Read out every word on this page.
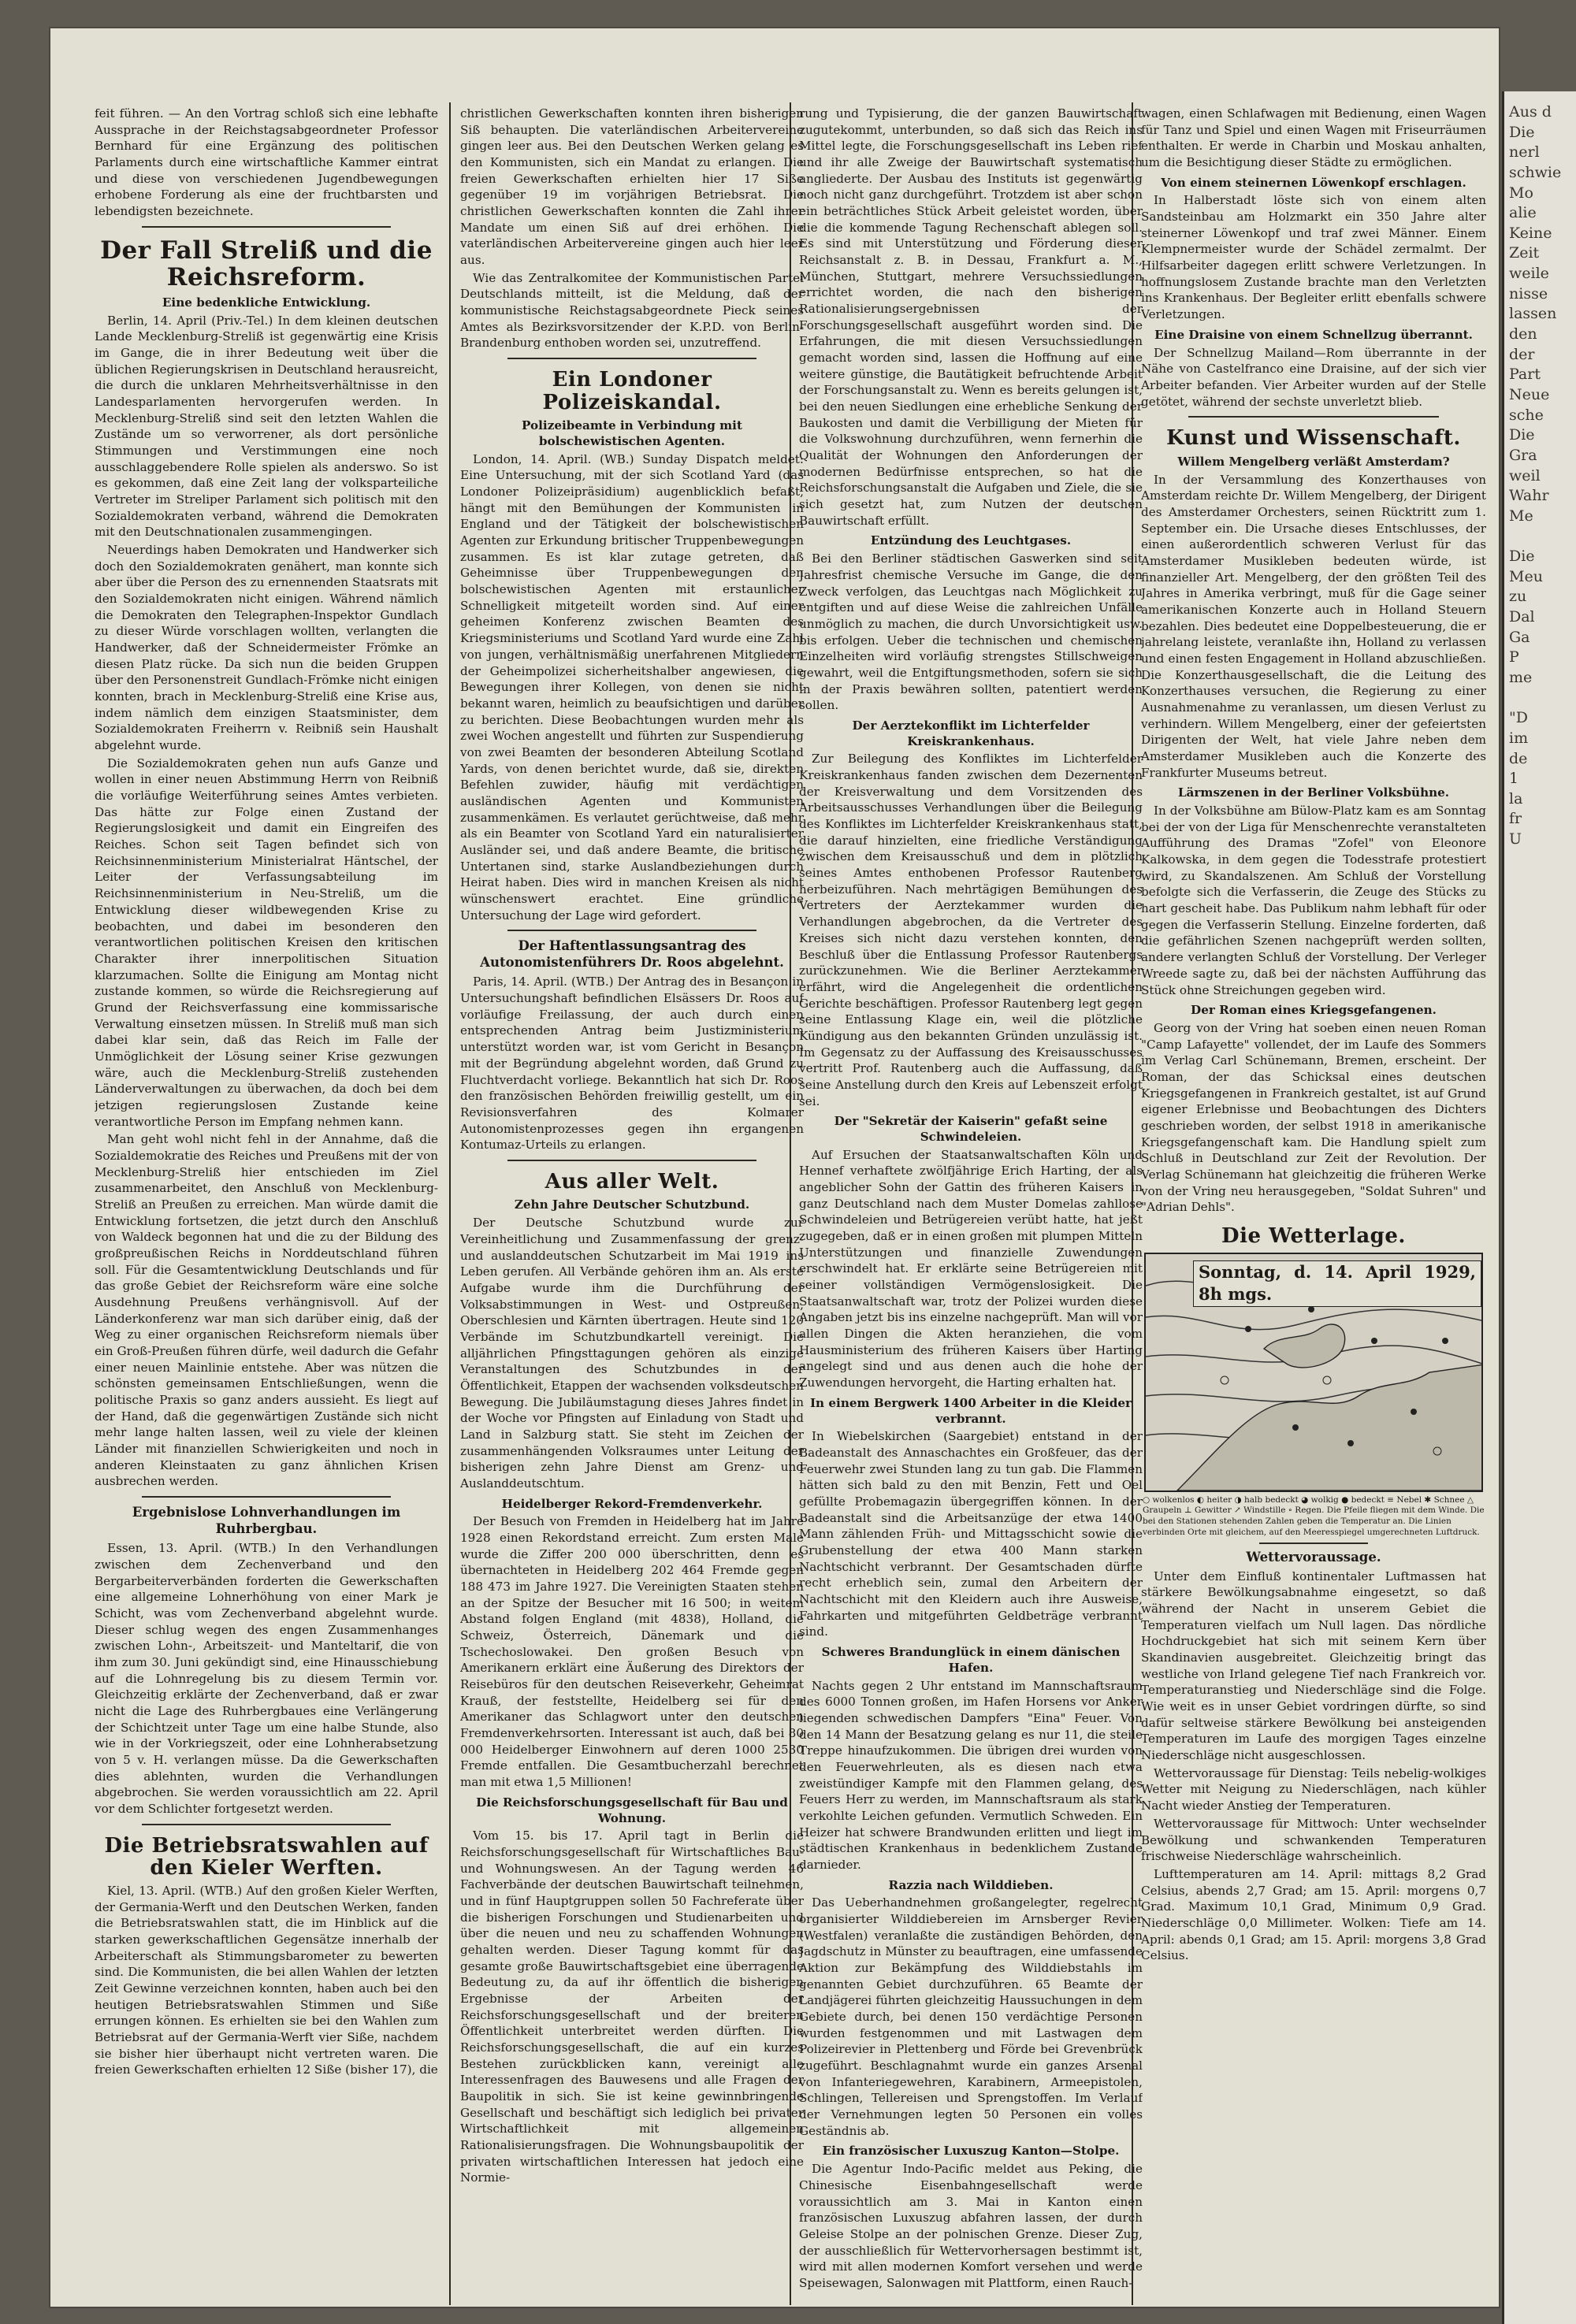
Aus d
Die
nerl
schwie
Mo
alie
Keine
Zeit
weile
nisse
lassen
den
der
Part
Neue
sche
Die
Gra
weil
Wahr
Me

Die
Meu
zu
Dal
Ga
P
me

"D
im
de
1
la
fr
U

feit führen. — An den Vortrag schloß sich eine lebhafte Aussprache in der Reichstagsabgeordneter Professor Bernhard für eine Ergänzung des politischen Parlaments durch eine wirtschaftliche Kammer eintrat und diese von verschiedenen Jugendbewegungen erhobene Forderung als eine der fruchtbarsten und lebendigsten bezeichnete.

Der Fall Streliß und die Reichsreform.
Eine bedenkliche Entwicklung.

Berlin, 14. April (Priv.-Tel.) In dem kleinen deutschen Lande Mecklenburg-Streliß ist gegenwärtig eine Krisis im Gange, die in ihrer Bedeutung weit über die üblichen Regierungskrisen in Deutschland herausreicht, die durch die unklaren Mehrheitsverhältnisse in den Landesparlamenten hervorgerufen werden. In Mecklenburg-Streliß sind seit den letzten Wahlen die Zustände um so verworrener, als dort persönliche Stimmungen und Verstimmungen eine noch ausschlaggebendere Rolle spielen als anderswo. So ist es gekommen, daß eine Zeit lang der volksparteiliche Vertreter im Streliper Parlament sich politisch mit den Sozialdemokraten verband, während die Demokraten mit den Deutschnationalen zusammengingen.

Neuerdings haben Demokraten und Handwerker sich doch den Sozialdemokraten genähert, man konnte sich aber über die Person des zu ernennenden Staatsrats mit den Sozialdemokraten nicht einigen. Während nämlich die Demokraten den Telegraphen-Inspektor Gundlach zu dieser Würde vorschlagen wollten, verlangten die Handwerker, daß der Schneidermeister Frömke an diesen Platz rücke. Da sich nun die beiden Gruppen über den Personenstreit Gundlach-Frömke nicht einigen konnten, brach in Mecklenburg-Streliß eine Krise aus, indem nämlich dem einzigen Staatsminister, dem Sozialdemokraten Freiherrn v. Reibniß sein Haushalt abgelehnt wurde.

Die Sozialdemokraten gehen nun aufs Ganze und wollen in einer neuen Abstimmung Herrn von Reibniß die vorläufige Weiterführung seines Amtes verbieten. Das hätte zur Folge einen Zustand der Regierungslosigkeit und damit ein Eingreifen des Reiches. Schon seit Tagen befindet sich von Reichsinnenministerium Ministerialrat Häntschel, der Leiter der Verfassungsabteilung im Reichsinnenministerium in Neu-Streliß, um die Entwicklung dieser wildbewegenden Krise zu beobachten, und dabei im besonderen den verantwortlichen politischen Kreisen den kritischen Charakter ihrer innerpolitischen Situation klarzumachen. Sollte die Einigung am Montag nicht zustande kommen, so würde die Reichsregierung auf Grund der Reichsverfassung eine kommissarische Verwaltung einsetzen müssen. In Streliß muß man sich dabei klar sein, daß das Reich im Falle der Unmöglichkeit der Lösung seiner Krise gezwungen wäre, auch die Mecklenburg-Streliß zustehenden Länderverwaltungen zu überwachen, da doch bei dem jetzigen regierungslosen Zustande keine verantwortliche Person im Empfang nehmen kann.

Man geht wohl nicht fehl in der Annahme, daß die Sozialdemokratie des Reiches und Preußens mit der von Mecklenburg-Streliß hier entschieden im Ziel zusammenarbeitet, den Anschluß von Mecklenburg-Streliß an Preußen zu erreichen. Man würde damit die Entwicklung fortsetzen, die jetzt durch den Anschluß von Waldeck begonnen hat und die zu der Bildung des großpreußischen Reichs in Norddeutschland führen soll. Für die Gesamtentwicklung Deutschlands und für das große Gebiet der Reichsreform wäre eine solche Ausdehnung Preußens verhängnisvoll. Auf der Länderkonferenz war man sich darüber einig, daß der Weg zu einer organischen Reichsreform niemals über ein Groß-Preußen führen dürfe, weil dadurch die Gefahr einer neuen Mainlinie entstehe. Aber was nützen die schönsten gemeinsamen Entschließungen, wenn die politische Praxis so ganz anders aussieht. Es liegt auf der Hand, daß die gegenwärtigen Zustände sich nicht mehr lange halten lassen, weil zu viele der kleinen Länder mit finanziellen Schwierigkeiten und noch in anderen Kleinstaaten zu ganz ähnlichen Krisen ausbrechen werden.

Ergebnislose Lohnverhandlungen im Ruhrbergbau.

Essen, 13. April. (WTB.) In den Verhandlungen zwischen dem Zechenverband und den Bergarbeiterverbänden forderten die Gewerkschaften eine allgemeine Lohnerhöhung von einer Mark je Schicht, was vom Zechenverband abgelehnt wurde. Dieser schlug wegen des engen Zusammenhanges zwischen Lohn-, Arbeitszeit- und Manteltarif, die von ihm zum 30. Juni gekündigt sind, eine Hinausschiebung auf die Lohnregelung bis zu diesem Termin vor. Gleichzeitig erklärte der Zechenverband, daß er zwar nicht die Lage des Ruhrbergbaues eine Verlängerung der Schichtzeit unter Tage um eine halbe Stunde, also wie in der Vorkriegszeit, oder eine Lohnherabsetzung von 5 v. H. verlangen müsse. Da die Gewerkschaften dies ablehnten, wurden die Verhandlungen abgebrochen. Sie werden voraussichtlich am 22. April vor dem Schlichter fortgesetzt werden.

Die Betriebsratswahlen auf den Kieler Werften.

Kiel, 13. April. (WTB.) Auf den großen Kieler Werften, der Germania-Werft und den Deutschen Werken, fanden die Betriebsratswahlen statt, die im Hinblick auf die starken gewerkschaftlichen Gegensätze innerhalb der Arbeiterschaft als Stimmungsbarometer zu bewerten sind. Die Kommunisten, die bei allen Wahlen der letzten Zeit Gewinne verzeichnen konnten, haben auch bei den heutigen Betriebsratswahlen Stimmen und Siße errungen können. Es erhielten sie bei den Wahlen zum Betriebsrat auf der Germania-Werft vier Siße, nachdem sie bisher hier überhaupt nicht vertreten waren. Die freien Gewerkschaften erhielten 12 Siße (bisher 17), die

christlichen Gewerkschaften konnten ihren bisherigen Siß behaupten. Die vaterländischen Arbeitervereine gingen leer aus. Bei den Deutschen Werken gelang es den Kommunisten, sich ein Mandat zu erlangen. Die freien Gewerkschaften erhielten hier 17 Siße gegenüber 19 im vorjährigen Betriebsrat. Die christlichen Gewerkschaften konnten die Zahl ihrer Mandate um einen Siß auf drei erhöhen. Die vaterländischen Arbeitervereine gingen auch hier leer aus.

Wie das Zentralkomitee der Kommunistischen Partei Deutschlands mitteilt, ist die Meldung, daß der kommunistische Reichstagsabgeordnete Pieck seines Amtes als Bezirksvorsitzender der K.P.D. von Berlin-Brandenburg enthoben worden sei, unzutreffend.

Ein Londoner Polizeiskandal.
Polizeibeamte in Verbindung mit bolschewistischen Agenten.

London, 14. April. (WB.) Sunday Dispatch meldet: Eine Untersuchung, mit der sich Scotland Yard (das Londoner Polizeipräsidium) augenblicklich befaßt, hängt mit den Bemühungen der Kommunisten in England und der Tätigkeit der bolschewistischen Agenten zur Erkundung britischer Truppenbewegungen zusammen. Es ist klar zutage getreten, daß Geheimnisse über Truppenbewegungen den bolschewistischen Agenten mit erstaunlicher Schnelligkeit mitgeteilt worden sind. Auf einer geheimen Konferenz zwischen Beamten des Kriegsministeriums und Scotland Yard wurde eine Zahl von jungen, verhältnismäßig unerfahrenen Mitgliedern der Geheimpolizei sicherheitshalber angewiesen, die Bewegungen ihrer Kollegen, von denen sie nicht bekannt waren, heimlich zu beaufsichtigen und darüber zu berichten. Diese Beobachtungen wurden mehr als zwei Wochen angestellt und führten zur Suspendierung von zwei Beamten der besonderen Abteilung Scotland Yards, von denen berichtet wurde, daß sie, direkten Befehlen zuwider, häufig mit verdächtigen ausländischen Agenten und Kommunisten zusammenkämen. Es verlautet gerüchtweise, daß mehr als ein Beamter von Scotland Yard ein naturalisierter Ausländer sei, und daß andere Beamte, die britische Untertanen sind, starke Auslandbeziehungen durch Heirat haben. Dies wird in manchen Kreisen als nicht wünschenswert erachtet. Eine gründliche Untersuchung der Lage wird gefordert.

Der Haftentlassungsantrag des Autonomistenführers Dr. Roos abgelehnt.

Paris, 14. April. (WTB.) Der Antrag des in Besançon in Untersuchungshaft befindlichen Elsässers Dr. Roos auf vorläufige Freilassung, der auch durch einen entsprechenden Antrag beim Justizministerium unterstützt worden war, ist vom Gericht in Besançon mit der Begründung abgelehnt worden, daß Grund zu Fluchtverdacht vorliege. Bekanntlich hat sich Dr. Roos den französischen Behörden freiwillig gestellt, um ein Revisionsverfahren des Kolmarer Autonomistenprozesses gegen ihn ergangenen Kontumaz-Urteils zu erlangen.

Aus aller Welt.
Zehn Jahre Deutscher Schutzbund.

Der Deutsche Schutzbund wurde zur Vereinheitlichung und Zusammenfassung der grenz- und auslanddeutschen Schutzarbeit im Mai 1919 ins Leben gerufen. All Verbände gehören ihm an. Als erste Aufgabe wurde ihm die Durchführung der Volksabstimmungen in West- und Ostpreußen, Oberschlesien und Kärnten übertragen. Heute sind 120 Verbände im Schutzbundkartell vereinigt. Die alljährlichen Pfingsttagungen gehören als einzige Veranstaltungen des Schutzbundes in der Öffentlichkeit, Etappen der wachsenden volksdeutschen Bewegung. Die Jubiläumstagung dieses Jahres findet in der Woche vor Pfingsten auf Einladung von Stadt und Land in Salzburg statt. Sie steht im Zeichen der zusammenhängenden Volksraumes unter Leitung der bisherigen zehn Jahre Dienst am Grenz- und Auslanddeutschtum.

Heidelberger Rekord-Fremdenverkehr.

Der Besuch von Fremden in Heidelberg hat im Jahre 1928 einen Rekordstand erreicht. Zum ersten Male wurde die Ziffer 200 000 überschritten, denn es übernachteten in Heidelberg 202 464 Fremde gegen 188 473 im Jahre 1927. Die Vereinigten Staaten stehen an der Spitze der Besucher mit 16 500; in weitem Abstand folgen England (mit 4838), Holland, die Schweiz, Österreich, Dänemark und die Tschechoslowakei. Den großen Besuch von Amerikanern erklärt eine Äußerung des Direktors der Reisebüros für den deutschen Reiseverkehr, Geheimrat Krauß, der feststellte, Heidelberg sei für den Amerikaner das Schlagwort unter den deutschen Fremdenverkehrsorten. Interessant ist auch, daß bei 80 000 Heidelberger Einwohnern auf deren 1000 2530 Fremde entfallen. Die Gesamtbucherzahl berechnet man mit etwa 1,5 Millionen!

Die Reichsforschungsgesellschaft für Bau und Wohnung.

Vom 15. bis 17. April tagt in Berlin die Reichsforschungsgesellschaft für Wirtschaftliches Bau- und Wohnungswesen. An der Tagung werden 46 Fachverbände der deutschen Bauwirtschaft teilnehmen, und in fünf Hauptgruppen sollen 50 Fachreferate über die bisherigen Forschungen und Studienarbeiten und über die neuen und neu zu schaffenden Wohnungen gehalten werden. Dieser Tagung kommt für das gesamte große Bauwirtschaftsgebiet eine überragende Bedeutung zu, da auf ihr öffentlich die bisherigen Ergebnisse der Arbeiten der Reichsforschungsgesellschaft und der breiteren Öffentlichkeit unterbreitet werden dürften. Die Reichsforschungsgesellschaft, die auf ein kurzes Bestehen zurückblicken kann, vereinigt alle Interessenfragen des Bauwesens und alle Fragen der Baupolitik in sich. Sie ist keine gewinnbringende Gesellschaft und beschäftigt sich lediglich bei privater Wirtschaftlichkeit mit allgemeinen Rationalisierungsfragen. Die Wohnungsbaupolitik der privaten wirtschaftlichen Interessen hat jedoch eine Normie-

rung und Typisierung, die der ganzen Bauwirtschaft zugutekommt, unterbunden, so daß sich das Reich ins Mittel legte, die Forschungsgesellschaft ins Leben rief und ihr alle Zweige der Bauwirtschaft systematisch angliederte. Der Ausbau des Instituts ist gegenwärtig noch nicht ganz durchgeführt. Trotzdem ist aber schon ein beträchtliches Stück Arbeit geleistet worden, über die die kommende Tagung Rechenschaft ablegen soll. Es sind mit Unterstützung und Förderung dieser Reichsanstalt z. B. in Dessau, Frankfurt a. M., München, Stuttgart, mehrere Versuchssiedlungen errichtet worden, die nach den bisherigen Rationalisierungsergebnissen der Forschungsgesellschaft ausgeführt worden sind. Die Erfahrungen, die mit diesen Versuchssiedlungen gemacht worden sind, lassen die Hoffnung auf eine weitere günstige, die Bautätigkeit befruchtende Arbeit der Forschungsanstalt zu. Wenn es bereits gelungen ist, bei den neuen Siedlungen eine erhebliche Senkung der Baukosten und damit die Verbilligung der Mieten für die Volkswohnung durchzuführen, wenn fernerhin die Qualität der Wohnungen den Anforderungen der modernen Bedürfnisse entsprechen, so hat die Reichsforschungsanstalt die Aufgaben und Ziele, die sie sich gesetzt hat, zum Nutzen der deutschen Bauwirtschaft erfüllt.

Entzündung des Leuchtgases.

Bei den Berliner städtischen Gaswerken sind seit Jahresfrist chemische Versuche im Gange, die den Zweck verfolgen, das Leuchtgas nach Möglichkeit zu entgiften und auf diese Weise die zahlreichen Unfälle unmöglich zu machen, die durch Unvorsichtigkeit usw. bis erfolgen. Ueber die technischen und chemischen Einzelheiten wird vorläufig strengstes Stillschweigen gewahrt, weil die Entgiftungsmethoden, sofern sie sich in der Praxis bewähren sollten, patentiert werden sollen.

Der Aerztekonflikt im Lichterfelder Kreiskrankenhaus.

Zur Beilegung des Konfliktes im Lichterfelder Kreiskrankenhaus fanden zwischen dem Dezernenten der Kreisverwaltung und dem Vorsitzenden des Arbeitsausschusses Verhandlungen über die Beilegung des Konfliktes im Lichterfelder Kreiskrankenhaus statt, die darauf hinzielten, eine friedliche Verständigung zwischen dem Kreisausschuß und dem in plötzlich seines Amtes enthobenen Professor Rautenberg herbeizuführen. Nach mehrtägigen Bemühungen des Vertreters der Aerztekammer wurden die Verhandlungen abgebrochen, da die Vertreter des Kreises sich nicht dazu verstehen konnten, den Beschluß über die Entlassung Professor Rautenbergs zurückzunehmen. Wie die Berliner Aerztekammer erfährt, wird die Angelegenheit die ordentlichen Gerichte beschäftigen. Professor Rautenberg legt gegen seine Entlassung Klage ein, weil die plötzliche Kündigung aus den bekannten Gründen unzulässig ist. Im Gegensatz zu der Auffassung des Kreisausschusses vertritt Prof. Rautenberg auch die Auffassung, daß seine Anstellung durch den Kreis auf Lebenszeit erfolgt sei.

Der "Sekretär der Kaiserin" gefaßt seine Schwindeleien.

Auf Ersuchen der Staatsanwaltschaften Köln und Hennef verhaftete zwölfjährige Erich Harting, der als angeblicher Sohn der Gattin des früheren Kaisers in ganz Deutschland nach dem Muster Domelas zahllose Schwindeleien und Betrügereien verübt hatte, hat jeßt zugegeben, daß er in einen großen mit plumpen Mitteln Unterstützungen und finanzielle Zuwendungen erschwindelt hat. Er erklärte seine Betrügereien mit seiner vollständigen Vermögenslosigkeit. Die Staatsanwaltschaft war, trotz der Polizei wurden diese Angaben jetzt bis ins einzelne nachgeprüft. Man will vor allen Dingen die Akten heranziehen, die vom Hausministerium des früheren Kaisers über Harting angelegt sind und aus denen auch die hohe der Zuwendungen hervorgeht, die Harting erhalten hat.

In einem Bergwerk 1400 Arbeiter in die Kleider verbrannt.

In Wiebelskirchen (Saargebiet) entstand in der Badeanstalt des Annaschachtes ein Großfeuer, das der Feuerwehr zwei Stunden lang zu tun gab. Die Flammen hätten sich bald zu den mit Benzin, Fett und Oel gefüllte Probemagazin übergegriffen können. In der Badeanstalt sind die Arbeitsanzüge der etwa 1400 Mann zählenden Früh- und Mittagsschicht sowie die Grubenstellung der etwa 400 Mann starken Nachtschicht verbrannt. Der Gesamtschaden dürfte recht erheblich sein, zumal den Arbeitern der Nachtschicht mit den Kleidern auch ihre Ausweise, Fahrkarten und mitgeführten Geldbeträge verbrannt sind.

Schweres Brandunglück in einem dänischen Hafen.

Nachts gegen 2 Uhr entstand im Mannschaftsraum des 6000 Tonnen großen, im Hafen Horsens vor Anker liegenden schwedischen Dampfers "Eina" Feuer. Von den 14 Mann der Besatzung gelang es nur 11, die steile Treppe hinaufzukommen. Die übrigen drei wurden von den Feuerwehrleuten, als es diesen nach etwa zweistündiger Kampfe mit den Flammen gelang, des Feuers Herr zu werden, im Mannschaftsraum als stark verkohlte Leichen gefunden. Vermutlich Schweden. Ein Heizer hat schwere Brandwunden erlitten und liegt im städtischen Krankenhaus in bedenklichem Zustande darnieder.

Razzia nach Wilddieben.

Das Ueberhandnehmen großangelegter, regelrecht organisierter Wilddiebereien im Arnsberger Revier (Westfalen) veranlaßte die zuständigen Behörden, den Jagdschutz in Münster zu beauftragen, eine umfassende Aktion zur Bekämpfung des Wilddiebstahls im genannten Gebiet durchzuführen. 65 Beamte der Landjägerei führten gleichzeitig Haussuchungen in dem Gebiete durch, bei denen 150 verdächtige Personen wurden festgenommen und mit Lastwagen dem Polizeirevier in Plettenberg und Förde bei Grevenbrück zugeführt. Beschlagnahmt wurde ein ganzes Arsenal von Infanteriegewehren, Karabinern, Armeepistolen, Schlingen, Tellereisen und Sprengstoffen. Im Verlauf der Vernehmungen legten 50 Personen ein volles Geständnis ab.

Ein französischer Luxuszug Kanton—Stolpe.

Die Agentur Indo-Pacific meldet aus Peking, die Chinesische Eisenbahngesellschaft werde voraussichtlich am 3. Mai in Kanton einen französischen Luxuszug abfahren lassen, der durch Geleise Stolpe an der polnischen Grenze. Dieser Zug, der ausschließlich für Wettervorhersagen bestimmt ist, wird mit allen modernen Komfort versehen und werde Speisewagen, Salonwagen mit Plattform, einen Rauch-

wagen, einen Schlafwagen mit Bedienung, einen Wagen für Tanz und Spiel und einen Wagen mit Friseurräumen enthalten. Er werde in Charbin und Moskau anhalten, um die Besichtigung dieser Städte zu ermöglichen.

Von einem steinernen Löwenkopf erschlagen.

In Halberstadt löste sich von einem alten Sandsteinbau am Holzmarkt ein 350 Jahre alter steinerner Löwenkopf und traf zwei Männer. Einem Klempnermeister wurde der Schädel zermalmt. Der Hilfsarbeiter dagegen erlitt schwere Verletzungen. In hoffnungslosem Zustande brachte man den Verletzten ins Krankenhaus. Der Begleiter erlitt ebenfalls schwere Verletzungen.

Eine Draisine von einem Schnellzug überrannt.

Der Schnellzug Mailand—Rom überrannte in der Nähe von Castelfranco eine Draisine, auf der sich vier Arbeiter befanden. Vier Arbeiter wurden auf der Stelle getötet, während der sechste unverletzt blieb.

Kunst und Wissenschaft.
Willem Mengelberg verläßt Amsterdam?

In der Versammlung des Konzerthauses von Amsterdam reichte Dr. Willem Mengelberg, der Dirigent des Amsterdamer Orchesters, seinen Rücktritt zum 1. September ein. Die Ursache dieses Entschlusses, der einen außerordentlich schweren Verlust für das Amsterdamer Musikleben bedeuten würde, ist finanzieller Art. Mengelberg, der den größten Teil des Jahres in Amerika verbringt, muß für die Gage seiner amerikanischen Konzerte auch in Holland Steuern bezahlen. Dies bedeutet eine Doppelbesteuerung, die er jahrelang leistete, veranlaßte ihn, Holland zu verlassen und einen festen Engagement in Holland abzuschließen. Die Konzerthausgesellschaft, die die Leitung des Konzerthauses versuchen, die Regierung zu einer Ausnahmenahme zu veranlassen, um diesen Verlust zu verhindern. Willem Mengelberg, einer der gefeiertsten Dirigenten der Welt, hat viele Jahre neben dem Amsterdamer Musikleben auch die Konzerte des Frankfurter Museums betreut.

Lärmszenen in der Berliner Volksbühne.

In der Volksbühne am Bülow-Platz kam es am Sonntag bei der von der Liga für Menschenrechte veranstalteten Aufführung des Dramas "Zofel" von Eleonore Kalkowska, in dem gegen die Todesstrafe protestiert wird, zu Skandalszenen. Am Schluß der Vorstellung befolgte sich die Verfasserin, die Zeuge des Stücks zu hart gescheit habe. Das Publikum nahm lebhaft für oder gegen die Verfasserin Stellung. Einzelne forderten, daß die gefährlichen Szenen nachgeprüft werden sollten, andere verlangten Schluß der Vorstellung. Der Verleger Wreede sagte zu, daß bei der nächsten Aufführung das Stück ohne Streichungen gegeben wird.

Der Roman eines Kriegsgefangenen.

Georg von der Vring hat soeben einen neuen Roman "Camp Lafayette" vollendet, der im Laufe des Sommers im Verlag Carl Schünemann, Bremen, erscheint. Der Roman, der das Schicksal eines deutschen Kriegsgefangenen in Frankreich gestaltet, ist auf Grund eigener Erlebnisse und Beobachtungen des Dichters geschrieben worden, der selbst 1918 in amerikanische Kriegsgefangenschaft kam. Die Handlung spielt zum Schluß in Deutschland zur Zeit der Revolution. Der Verlag Schünemann hat gleichzeitig die früheren Werke von der Vring neu herausgegeben, "Soldat Suhren" und "Adrian Dehls".

Die Wetterlage.
Sonntag, d. 14. April 1929, 8h mgs.
○ wolkenlos ◐ heiter ◑ halb bedeckt ◕ wolkig ● bedeckt ≡ Nebel ✱ Schnee △ Graupeln ⊥ Gewitter ↗ Windstille ∘ Regen. Die Pfeile fliegen mit dem Winde. Die bei den Stationen stehenden Zahlen geben die Temperatur an. Die Linien verbinden Orte mit gleichem, auf den Meeresspiegel umgerechneten Luftdruck.
Wettervoraussage.

Unter dem Einfluß kontinentaler Luftmassen hat stärkere Bewölkungsabnahme eingesetzt, so daß während der Nacht in unserem Gebiet die Temperaturen vielfach um Null lagen. Das nördliche Hochdruckgebiet hat sich mit seinem Kern über Skandinavien ausgebreitet. Gleichzeitig bringt das westliche von Irland gelegene Tief nach Frankreich vor. Temperaturanstieg und Niederschläge sind die Folge. Wie weit es in unser Gebiet vordringen dürfte, so sind dafür seltweise stärkere Bewölkung bei ansteigenden Temperaturen im Laufe des morgigen Tages einzelne Niederschläge nicht ausgeschlossen.

Wettervoraussage für Dienstag: Teils nebelig-wolkiges Wetter mit Neigung zu Niederschlägen, nach kühler Nacht wieder Anstieg der Temperaturen.

Wettervoraussage für Mittwoch: Unter wechselnder Bewölkung und schwankenden Temperaturen frischweise Niederschläge wahrscheinlich.

Lufttemperaturen am 14. April: mittags 8,2 Grad Celsius, abends 2,7 Grad; am 15. April: morgens 0,7 Grad. Maximum 10,1 Grad, Minimum 0,9 Grad. Niederschläge 0,0 Millimeter. Wolken: Tiefe am 14. April: abends 0,1 Grad; am 15. April: morgens 3,8 Grad Celsius.
